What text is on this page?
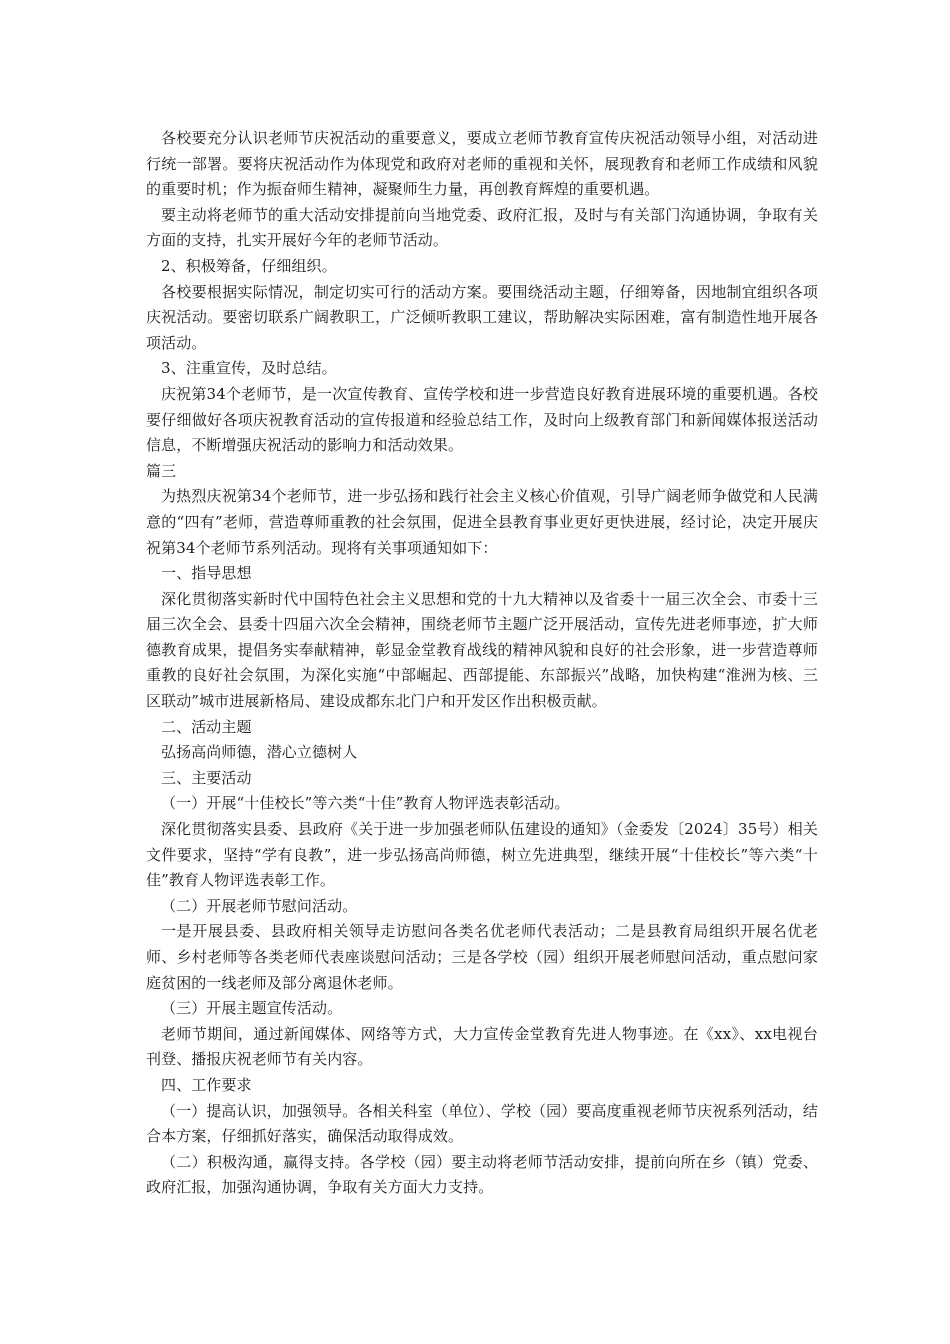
各校要充分认识老师节庆祝活动的重要意义，要成立老师节教育宣传庆祝活动领导小组，对活动进行统一部署。要将庆祝活动作为体现党和政府对老师的重视和关怀，展现教育和老师工作成绩和风貌的重要时机；作为振奋师生精神，凝聚师生力量，再创教育辉煌的重要机遇。

要主动将老师节的重大活动安排提前向当地党委、政府汇报，及时与有关部门沟通协调，争取有关方面的支持，扎实开展好今年的老师节活动。

2、积极筹备，仔细组织。

各校要根据实际情况，制定切实可行的活动方案。要围绕活动主题，仔细筹备，因地制宜组织各项庆祝活动。要密切联系广阔教职工，广泛倾听教职工建议，帮助解决实际困难，富有制造性地开展各项活动。

3、注重宣传，及时总结。

庆祝第34个老师节，是一次宣传教育、宣传学校和进一步营造良好教育进展环境的重要机遇。各校要仔细做好各项庆祝教育活动的宣传报道和经验总结工作，及时向上级教育部门和新闻媒体报送活动信息，不断增强庆祝活动的影响力和活动效果。

篇三

为热烈庆祝第34个老师节，进一步弘扬和践行社会主义核心价值观，引导广阔老师争做党和人民满意的“四有”老师，营造尊师重教的社会氛围，促进全县教育事业更好更快进展，经讨论，决定开展庆祝第34个老师节系列活动。现将有关事项通知如下：

一、指导思想

深化贯彻落实新时代中国特色社会主义思想和党的十九大精神以及省委十一届三次全会、市委十三届三次全会、县委十四届六次全会精神，围绕老师节主题广泛开展活动，宣传先进老师事迹，扩大师德教育成果，提倡务实奉献精神，彰显金堂教育战线的精神风貌和良好的社会形象，进一步营造尊师重教的良好社会氛围，为深化实施“中部崛起、西部提能、东部振兴”战略，加快构建“淮洲为核、三区联动”城市进展新格局、建设成都东北门户和开发区作出积极贡献。

二、活动主题

弘扬高尚师德，潜心立德树人

三、主要活动

（一）开展“十佳校长”等六类“十佳”教育人物评选表彰活动。

深化贯彻落实县委、县政府《关于进一步加强老师队伍建设的通知》（金委发〔2024〕35号）相关文件要求，坚持“学有良教”，进一步弘扬高尚师德，树立先进典型，继续开展“十佳校长”等六类“十佳”教育人物评选表彰工作。

（二）开展老师节慰问活动。

一是开展县委、县政府相关领导走访慰问各类名优老师代表活动；二是县教育局组织开展名优老师、乡村老师等各类老师代表座谈慰问活动；三是各学校（园）组织开展老师慰问活动，重点慰问家庭贫困的一线老师及部分离退休老师。

（三）开展主题宣传活动。

老师节期间，通过新闻媒体、网络等方式，大力宣传金堂教育先进人物事迹。在《xx》、xx电视台刊登、播报庆祝老师节有关内容。

四、工作要求

（一）提高认识，加强领导。各相关科室（单位）、学校（园）要高度重视老师节庆祝系列活动，结合本方案，仔细抓好落实，确保活动取得成效。

（二）积极沟通，赢得支持。各学校（园）要主动将老师节活动安排，提前向所在乡（镇）党委、政府汇报，加强沟通协调，争取有关方面大力支持。
